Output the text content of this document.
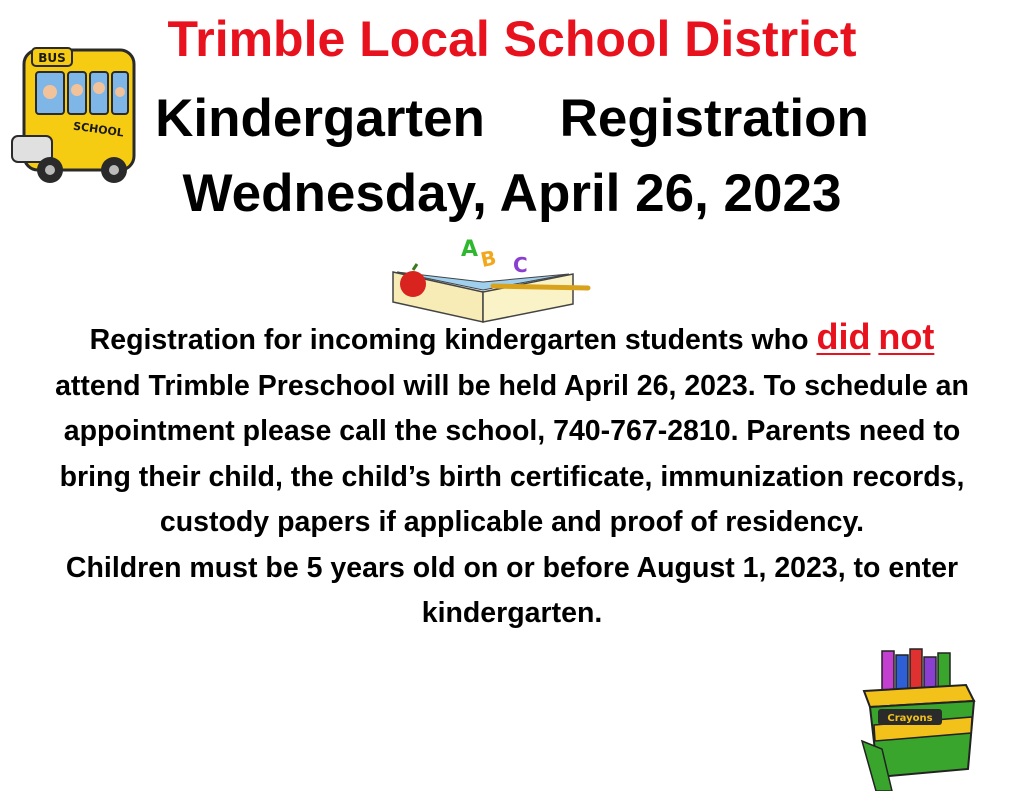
Trimble Local School District
Kindergarten Registration
Wednesday, April 26, 2023
BUS
SCHOOL
A B C
Registration for incoming kindergarten students who did not attend Trimble Preschool will be held April 26, 2023. To schedule an appointment please call the school, 740-767-2810. Parents need to bring their child, the child’s birth certificate, immunization records, custody papers if applicable and proof of residency.
Children must be 5 years old on or before August 1, 2023, to enter kindergarten.
Crayons
